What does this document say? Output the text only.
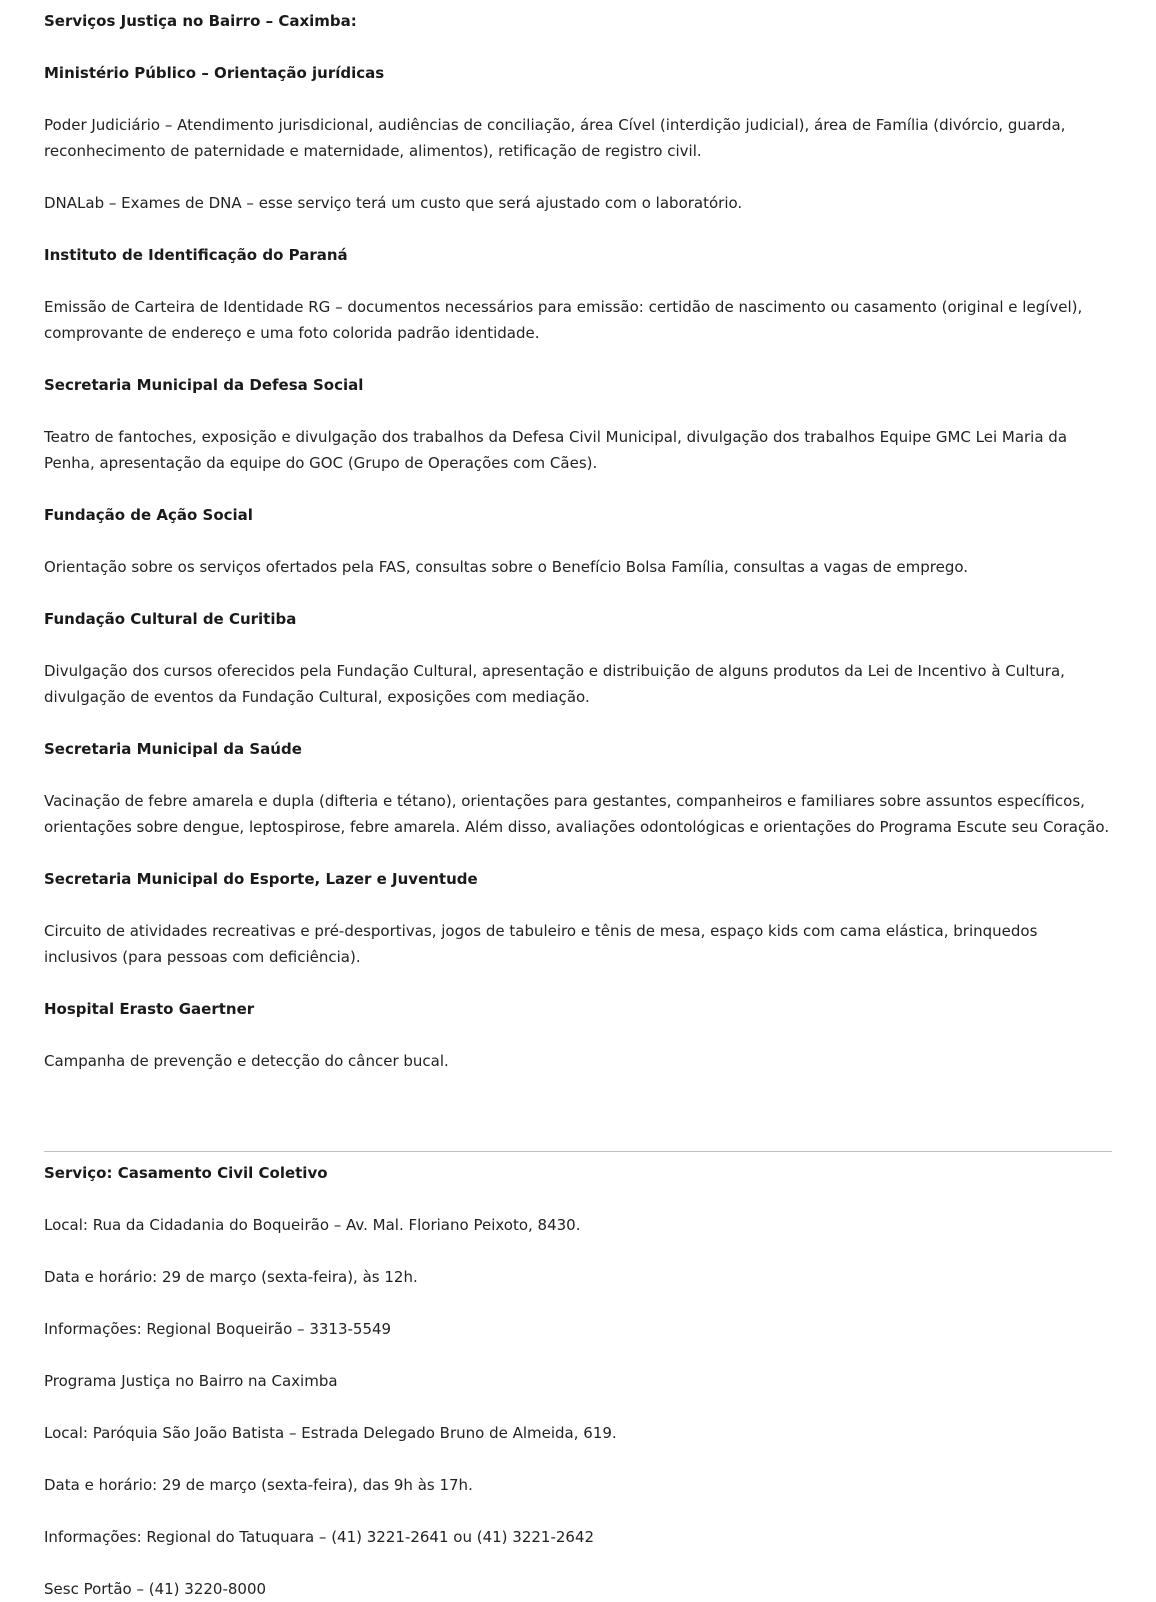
Serviços Justiça no Bairro – Caximba:
Ministério Público – Orientação jurídicas
Poder Judiciário – Atendimento jurisdicional, audiências de conciliação, área Cível (interdição judicial), área de Família (divórcio, guarda,
reconhecimento de paternidade e maternidade, alimentos), retificação de registro civil.
DNALab – Exames de DNA – esse serviço terá um custo que será ajustado com o laboratório.
Instituto de Identificação do Paraná
Emissão de Carteira de Identidade RG – documentos necessários para emissão: certidão de nascimento ou casamento (original e legível),
comprovante de endereço e uma foto colorida padrão identidade.
Secretaria Municipal da Defesa Social
Teatro de fantoches, exposição e divulgação dos trabalhos da Defesa Civil Municipal, divulgação dos trabalhos Equipe GMC Lei Maria da
Penha, apresentação da equipe do GOC (Grupo de Operações com Cães).
Fundação de Ação Social
Orientação sobre os serviços ofertados pela FAS, consultas sobre o Benefício Bolsa Família, consultas a vagas de emprego.
Fundação Cultural de Curitiba
Divulgação dos cursos oferecidos pela Fundação Cultural, apresentação e distribuição de alguns produtos da Lei de Incentivo à Cultura,
divulgação de eventos da Fundação Cultural, exposições com mediação.
Secretaria Municipal da Saúde
Vacinação de febre amarela e dupla (difteria e tétano), orientações para gestantes, companheiros e familiares sobre assuntos específicos,
orientações sobre dengue, leptospirose, febre amarela. Além disso, avaliações odontológicas e orientações do Programa Escute seu Coração.
Secretaria Municipal do Esporte, Lazer e Juventude
Circuito de atividades recreativas e pré-desportivas, jogos de tabuleiro e tênis de mesa, espaço kids com cama elástica, brinquedos
inclusivos (para pessoas com deficiência).
Hospital Erasto Gaertner
Campanha de prevenção e detecção do câncer bucal.
Serviço: Casamento Civil Coletivo
Local: Rua da Cidadania do Boqueirão – Av. Mal. Floriano Peixoto, 8430.
Data e horário: 29 de março (sexta-feira), às 12h.
Informações: Regional Boqueirão – 3313-5549
Programa Justiça no Bairro na Caximba
Local: Paróquia São João Batista – Estrada Delegado Bruno de Almeida, 619.
Data e horário: 29 de março (sexta-feira), das 9h às 17h.
Informações: Regional do Tatuquara – (41) 3221-2641 ou (41) 3221-2642
Sesc Portão – (41) 3220-8000
